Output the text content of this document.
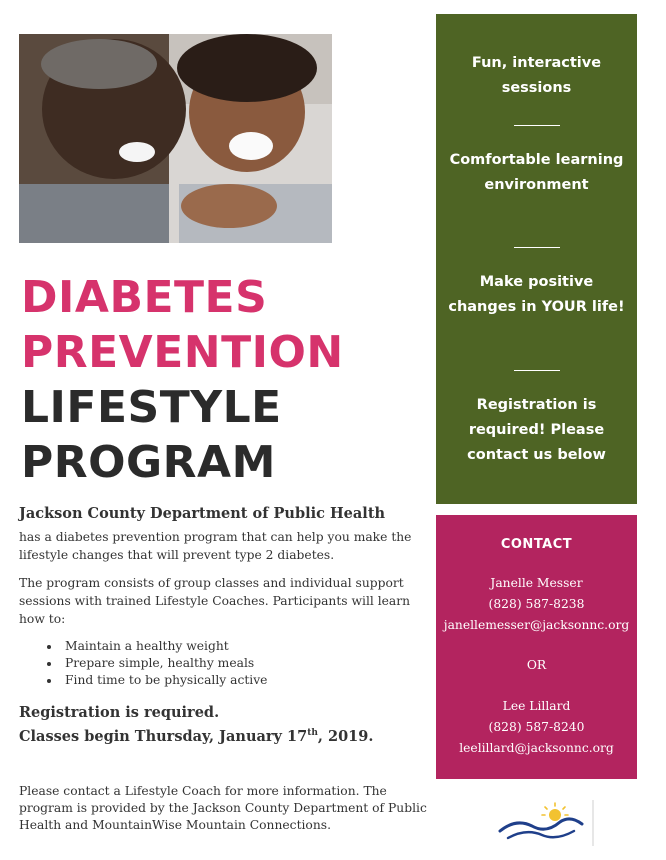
DIABETES
PREVENTION
LIFESTYLE
PROGRAM

Jackson County Department of Public Health

has a diabetes prevention program that can help you make the lifestyle changes that will prevent type 2 diabetes.

The program consists of group classes and individual support sessions with trained Lifestyle Coaches. Participants will learn how to:

• Maintain a healthy weight
• Prepare simple, healthy meals
• Find time to be physically active

Registration is required.
Classes begin Thursday, January 17th, 2019.

Please contact a Lifestyle Coach for more information. The program is provided by the Jackson County Department of Public Health and MountainWise Mountain Connections.

Fun, interactive sessions
Comfortable learning environment
Make positive changes in YOUR life!
Registration is required! Please contact us below
CONTACT
Janelle Messer
(828) 587-8238
janellemesser@jacksonnc.org
OR
Lee Lillard
(828) 587-8240
leelillard@jacksonnc.org
